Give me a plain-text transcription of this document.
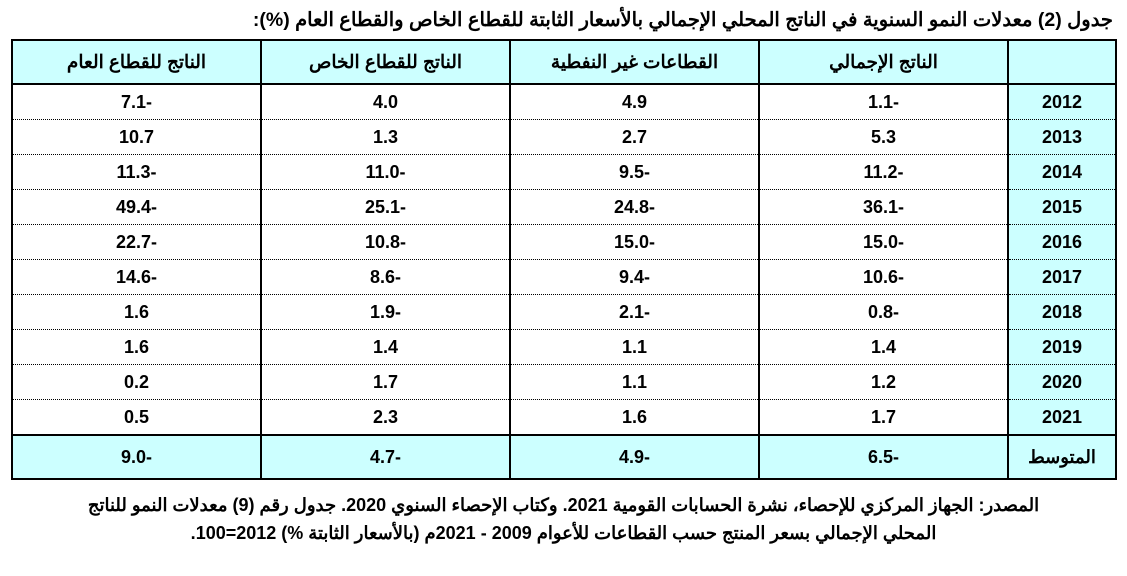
جدول (2) معدلات النمو السنوية في الناتج المحلي الإجمالي بالأسعار الثابتة للقطاع الخاص والقطاع العام (%):
	الناتج الإجمالي	القطاعات غير النفطية	الناتج للقطاع الخاص	الناتج للقطاع العام
2012	-1.1	4.9	4.0	-7.1
2013	5.3	2.7	1.3	10.7
2014	-11.2	-9.5	-11.0	-11.3
2015	-36.1	-24.8	-25.1	-49.4
2016	-15.0	-15.0	-10.8	-22.7
2017	-10.6	-9.4	-8.6	-14.6
2018	-0.8	-2.1	-1.9	1.6
2019	1.4	1.1	1.4	1.6
2020	1.2	1.1	1.7	0.2
2021	1.7	1.6	2.3	0.5
المتوسط	-6.5	-4.9	-4.7	-9.0
المصدر: الجهاز المركزي للإحصاء، نشرة الحسابات القومية 2021. وكتاب الإحصاء السنوي 2020. جدول رقم (9) معدلات النمو للناتج
المحلي الإجمالي بسعر المنتج حسب القطاعات للأعوام 2009 - 2021م (بالأسعار الثابتة %) 2012=100.
